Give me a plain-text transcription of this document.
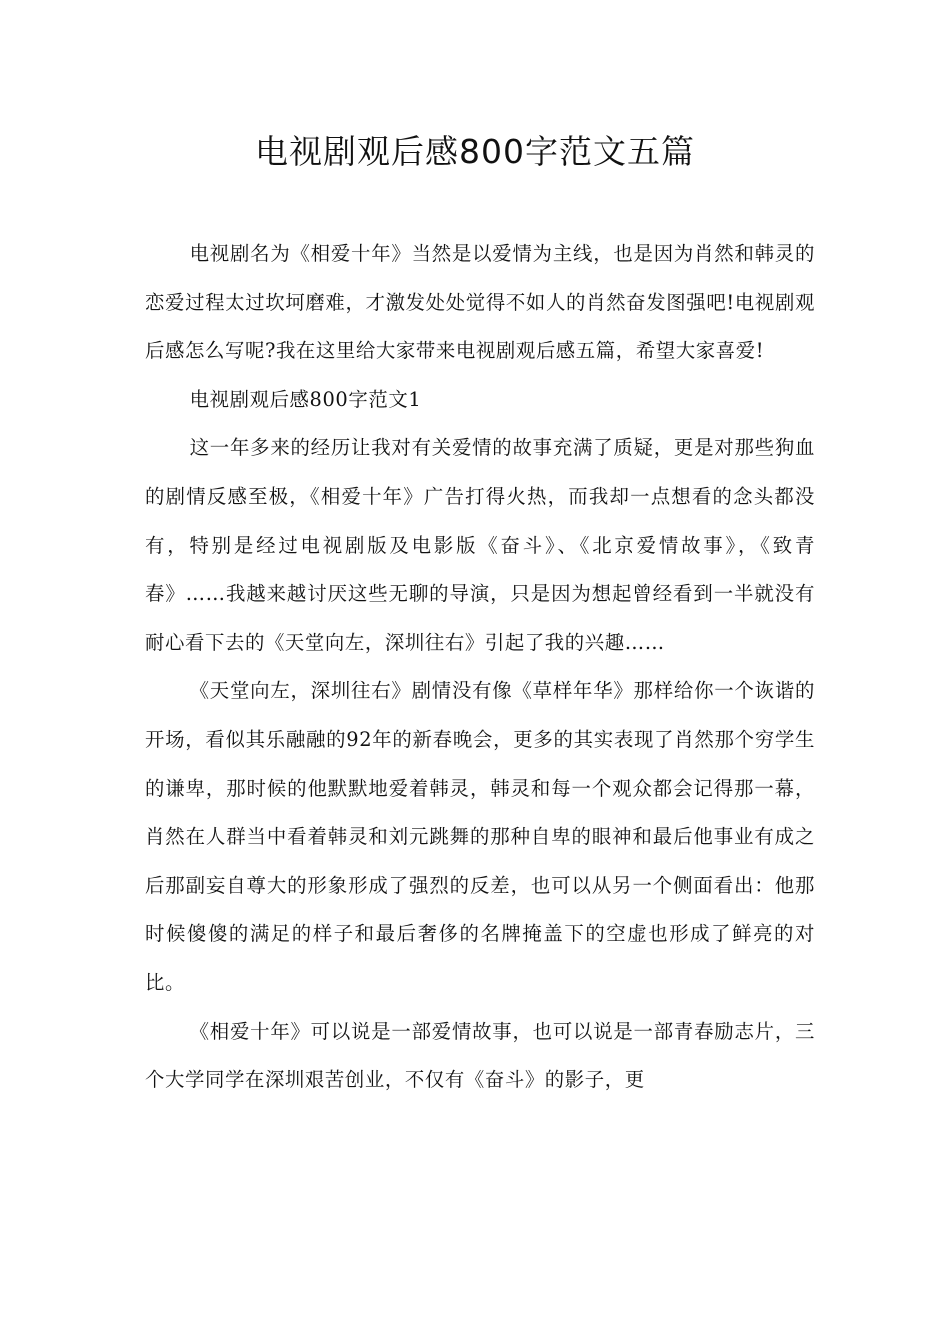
电视剧观后感800字范文五篇

电视剧名为《相爱十年》当然是以爱情为主线，也是因为肖然和韩灵的恋爱过程太过坎坷磨难，才激发处处觉得不如人的肖然奋发图强吧!电视剧观后感怎么写呢?我在这里给大家带来电视剧观后感五篇，希望大家喜爱!

电视剧观后感800字范文1

这一年多来的经历让我对有关爱情的故事充满了质疑，更是对那些狗血的剧情反感至极，《相爱十年》广告打得火热，而我却一点想看的念头都没有，特别是经过电视剧版及电影版《奋斗》、《北京爱情故事》，《致青春》……我越来越讨厌这些无聊的导演，只是因为想起曾经看到一半就没有耐心看下去的《天堂向左，深圳往右》引起了我的兴趣……

《天堂向左，深圳往右》剧情没有像《草样年华》那样给你一个诙谐的开场，看似其乐融融的92年的新春晚会，更多的其实表现了肖然那个穷学生的谦卑，那时候的他默默地爱着韩灵，韩灵和每一个观众都会记得那一幕，肖然在人群当中看着韩灵和刘元跳舞的那种自卑的眼神和最后他事业有成之后那副妄自尊大的形象形成了强烈的反差，也可以从另一个侧面看出：他那时候傻傻的满足的样子和最后奢侈的名牌掩盖下的空虚也形成了鲜亮的对比。

《相爱十年》可以说是一部爱情故事，也可以说是一部青春励志片，三个大学同学在深圳艰苦创业，不仅有《奋斗》的影子，更
